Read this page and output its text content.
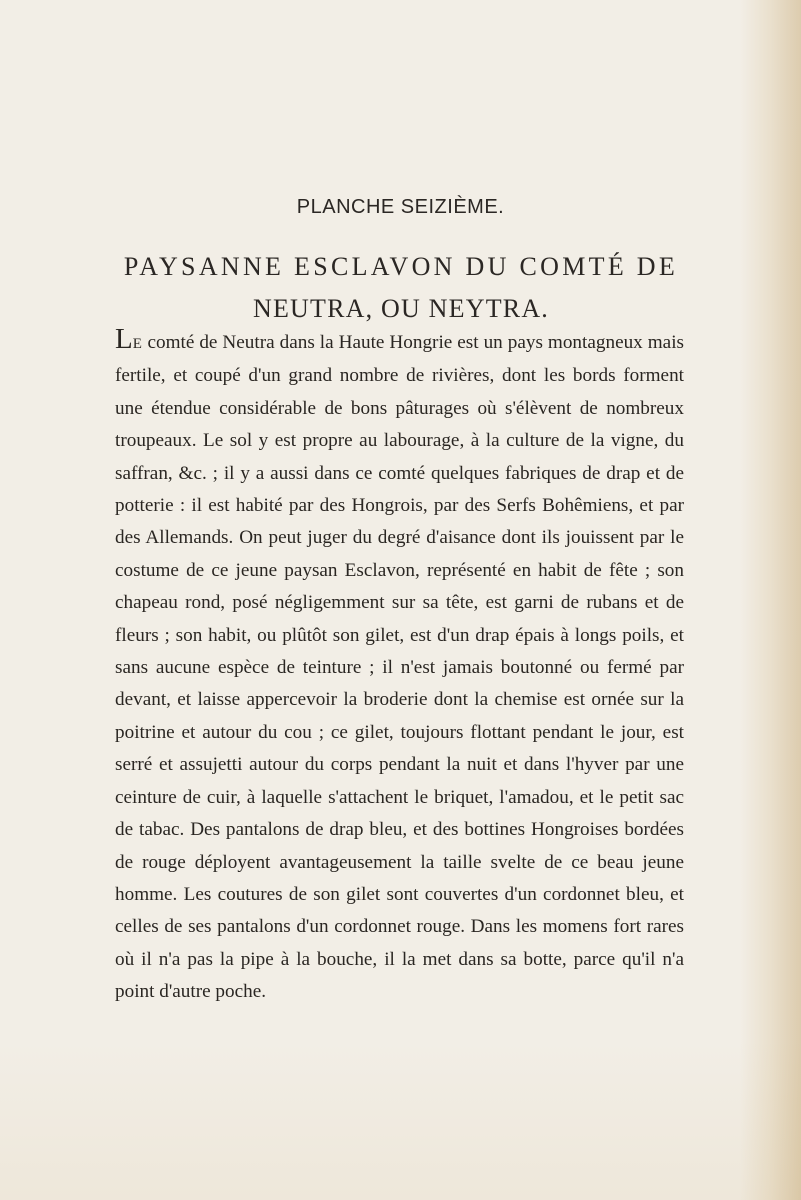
PLANCHE SEIZIÈME.
PAYSANNE ESCLAVON DU COMTÉ DE
NEUTRA, OU NEYTRA.

LE comté de Neutra dans la Haute Hongrie est un pays montagneux mais fertile, et coupé d'un grand nombre de rivières, dont les bords forment une étendue considérable de bons pâturages où s'élèvent de nombreux troupeaux. Le sol y est propre au labourage, à la culture de la vigne, du saffran, &c. ; il y a aussi dans ce comté quelques fabriques de drap et de potterie : il est habité par des Hongrois, par des Serfs Bohêmiens, et par des Allemands. On peut juger du degré d'aisance dont ils jouissent par le costume de ce jeune paysan Esclavon, représenté en habit de fête ; son chapeau rond, posé négligemment sur sa tête, est garni de rubans et de fleurs ; son habit, ou plûtôt son gilet, est d'un drap épais à longs poils, et sans aucune espèce de teinture ; il n'est jamais boutonné ou fermé par devant, et laisse appercevoir la broderie dont la chemise est ornée sur la poitrine et autour du cou ; ce gilet, toujours flottant pendant le jour, est serré et assujetti autour du corps pendant la nuit et dans l'hyver par une ceinture de cuir, à laquelle s'attachent le briquet, l'amadou, et le petit sac de tabac. Des pantalons de drap bleu, et des bottines Hongroises bordées de rouge déployent avantageusement la taille svelte de ce beau jeune homme. Les coutures de son gilet sont couvertes d'un cordonnet bleu, et celles de ses pantalons d'un cordonnet rouge. Dans les momens fort rares où il n'a pas la pipe à la bouche, il la met dans sa botte, parce qu'il n'a point d'autre poche.
